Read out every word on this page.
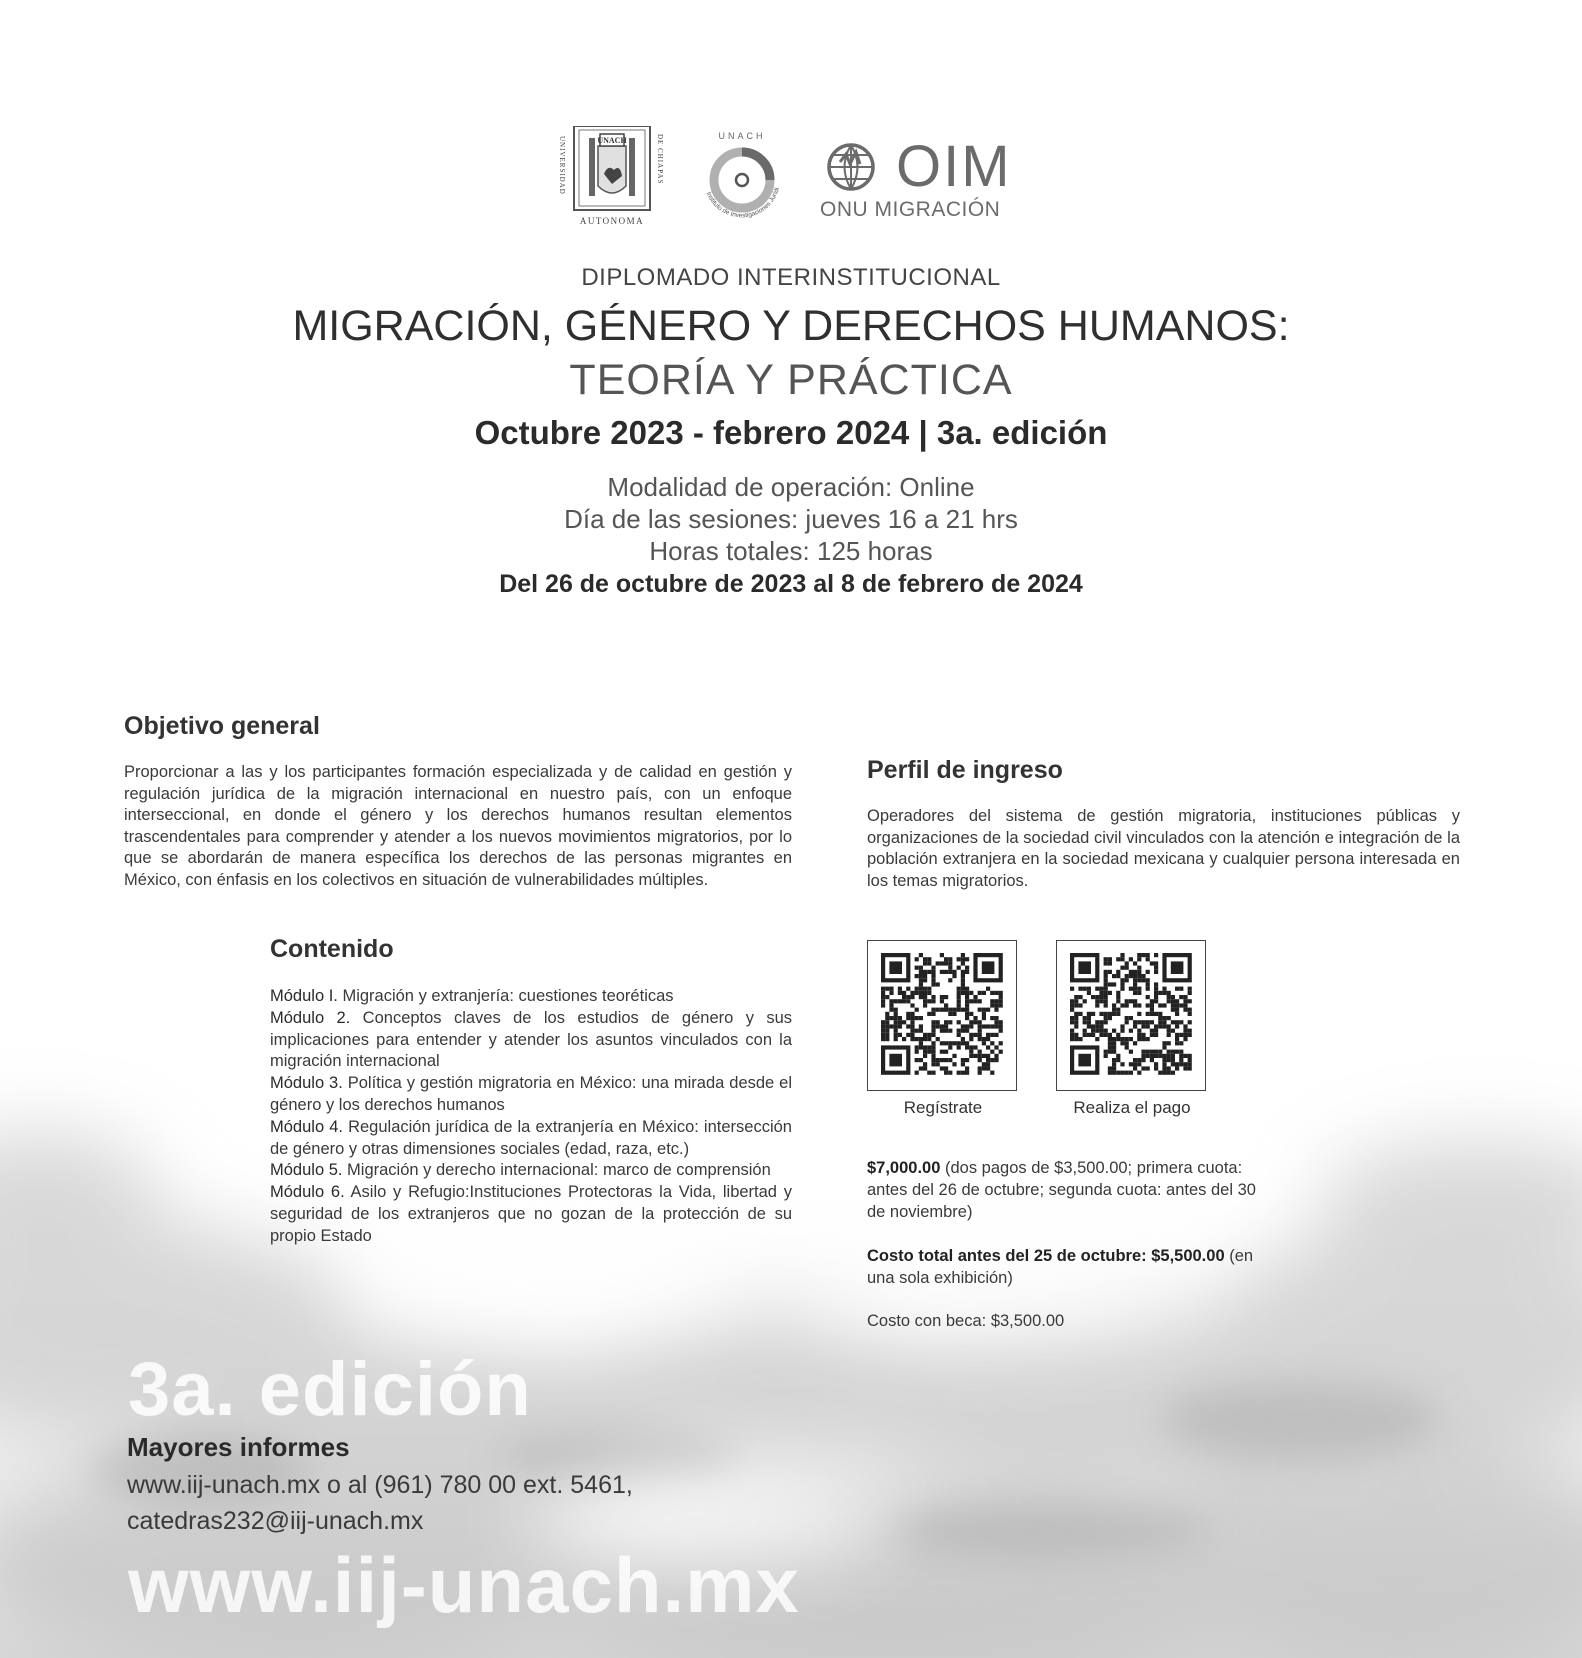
UNACH
AUTONOMA
UNIVERSIDAD	DE CHIAPAS	UNACH
Instituto de Investigaciones Jurídi OIM
ONU MIGRACIÓN
DIPLOMADO INTERINSTITUCIONAL
MIGRACIÓN, GÉNERO Y DERECHOS HUMANOS:
TEORÍA Y PRÁCTICA
Octubre 2023 - febrero 2024 | 3a. edición
Modalidad de operación: Online
Día de las sesiones: jueves 16 a 21 hrs
Horas totales: 125 horas
Del 26 de octubre de 2023 al 8 de febrero de 2024
Objetivo general
Proporcionar a las y los participantes formación especializada y de calidad en gestión y regulación jurídica de la migración internacional en nuestro país, con un enfoque interseccional, en donde el género y los derechos humanos resultan elementos trascendentales para comprender y atender a los nuevos movimientos migratorios, por lo que se abordarán de manera específica los derechos de las personas migrantes en México, con énfasis en los colectivos en situación de vulnerabilidades múltiples.
Perfil de ingreso
Operadores del sistema de gestión migratoria, instituciones públicas y organizaciones de la sociedad civil vinculados con la atención e integración de la población extranjera en la sociedad mexicana y cualquier persona interesada en los temas migratorios.
Contenido

Módulo I. Migración y extranjería: cuestiones teoréticas

Módulo 2. Conceptos claves de los estudios de género y sus implicaciones para entender y atender los asuntos vinculados con la migración internacional

Módulo 3. Política y gestión migratoria en México: una mirada desde el género y los derechos humanos

Módulo 4. Regulación jurídica de la extranjería en México: intersección de género y otras dimensiones sociales (edad, raza, etc.)

Módulo 5. Migración y derecho internacional: marco de comprensión

Módulo 6. Asilo y Refugio:Instituciones Protectoras la Vida, libertad y seguridad de los extranjeros que no gozan de la protección de su propio Estado

Regístrate	Realiza el pago
$7,000.00 (dos pagos de $3,500.00; primera cuota: antes del 26 de octubre; segunda cuota: antes del 30 de noviembre)
Costo total antes del 25 de octubre: $5,500.00 (en una sola exhibición)
Costo con beca: $3,500.00
3a. edición
Mayores informes
www.iij-unach.mx o al (961) 780 00 ext. 5461,
catedras232@iij-unach.mx
www.iij-unach.mx
